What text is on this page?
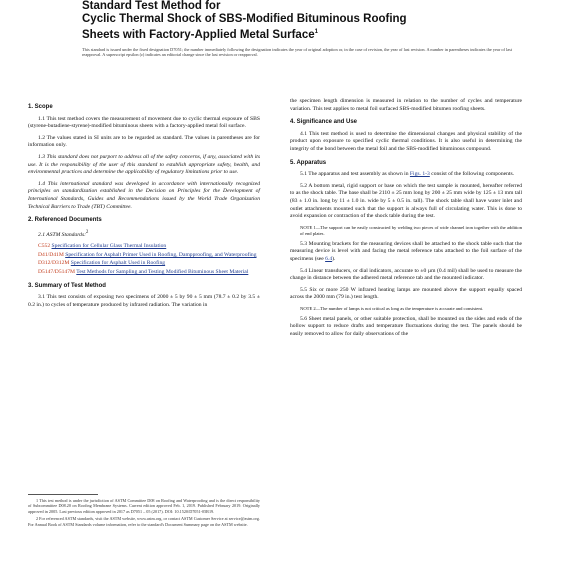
Standard Test Method for
Cyclic Thermal Shock of SBS-Modified Bituminous Roofing
Sheets with Factory-Applied Metal Surface$^1$
This standard is issued under the fixed designation D7051; the number immediately following the designation indicates the year of original adoption or, in the case of revision, the year of last revision. A number in parentheses indicates the year of last reapproval. A superscript epsilon (ε) indicates an editorial change since the last revision or reapproval.
1. Scope

1.1 This test method covers the measurement of movement due to cyclic thermal exposure of SBS (styrene-butadiene-styrene)-modified bituminous sheets with a factory-applied metal foil surface.

1.2 The values stated in SI units are to be regarded as standard. The values in parentheses are for information only.

1.3 This standard does not purport to address all of the safety concerns, if any, associated with its use. It is the responsibility of the user of this standard to establish appropriate safety, health, and environmental practices and determine the applicability of regulatory limitations prior to use.

1.4 This international standard was developed in accordance with internationally recognized principles on standardization established in the Decision on Principles for the Development of International Standards, Guides and Recommendations issued by the World Trade Organization Technical Barriers to Trade (TBT) Committee.

2. Referenced Documents

2.1 ASTM Standards:$^2$

C552 Specification for Cellular Glass Thermal Insulation
D41/D41M Specification for Asphalt Primer Used in Roofing, Dampproofing, and Waterproofing
D312/D312M Specification for Asphalt Used in Roofing
D5147/D5147M Test Methods for Sampling and Testing Modified Bituminous Sheet Material
3. Summary of Test Method

3.1 This test consists of exposing two specimens of 2000 ± 5 by 90 ± 5 mm (78.7 ± 0.2 by 3.5 ± 0.2 in.) to cycles of temperature produced by infrared radiation. The variation in

the specimen length dimension is measured in relation to the number of cycles and temperature variation. This test applies to metal foil surfaced SBS-modified bitumen roofing sheets.

4. Significance and Use

4.1 This test method is used to determine the dimensional changes and physical stability of the product upon exposure to specified cyclic thermal conditions. It is also useful in determining the integrity of the bond between the metal foil and the SBS-modified bituminous compound.

5. Apparatus

5.1 The apparatus and test assembly as shown in Figs. 1-3 consist of the following components.

5.2 A bottom metal, rigid support or base on which the test sample is mounted, hereafter referred to as the shock table. The base shall be 2110 ± 25 mm long by 200 ± 25 mm wide by 125 ± 13 mm tall (83 ± 1.0 in. long by 11 ± 1.0 in. wide by 5 ± 0.5 in. tall). The shock table shall have water inlet and outlet attachments mounted such that the support is always full of circulating water. This is done to avoid expansion or contraction of the shock table during the test.

NOTE 1—The support can be easily constructed by welding two pieces of wide channel iron together with the addition of end plates.

5.3 Mounting brackets for the measuring devices shall be attached to the shock table such that the measuring device is level with and facing the metal reference tabs attached to the foil surface of the specimens (see 6.4).

5.4 Linear transducers, or dial indicators, accurate to ±0 µm (0.4 mil) shall be used to measure the change in distance between the adhered metal reference tab and the mounted indicator.

5.5 Six or more 250 W infrared heating lamps are mounted above the support equally spaced across the 2000 mm (79 in.) test length.

NOTE 2—The number of lamps is not critical as long as the temperature is accurate and consistent.

5.6 Sheet metal panels, or other suitable protection, shall be mounted on the sides and ends of the hollow support to reduce drafts and temperature fluctuations during the test. The panels should be easily removed to allow for daily observations of the

1 This test method is under the jurisdiction of ASTM Committee D08 on Roofing and Waterproofing and is the direct responsibility of Subcommittee D08.20 on Roofing Membrane Systems. Current edition approved Feb. 1, 2019. Published February 2019. Originally approved in 2005. Last previous edition approved in 2017 as D7051 – 05 (2017). DOI: 10.1520/D7051-05R19.

2 For referenced ASTM standards, visit the ASTM website, www.astm.org, or contact ASTM Customer Service at service@astm.org. For Annual Book of ASTM Standards volume information, refer to the standard's Document Summary page on the ASTM website.
